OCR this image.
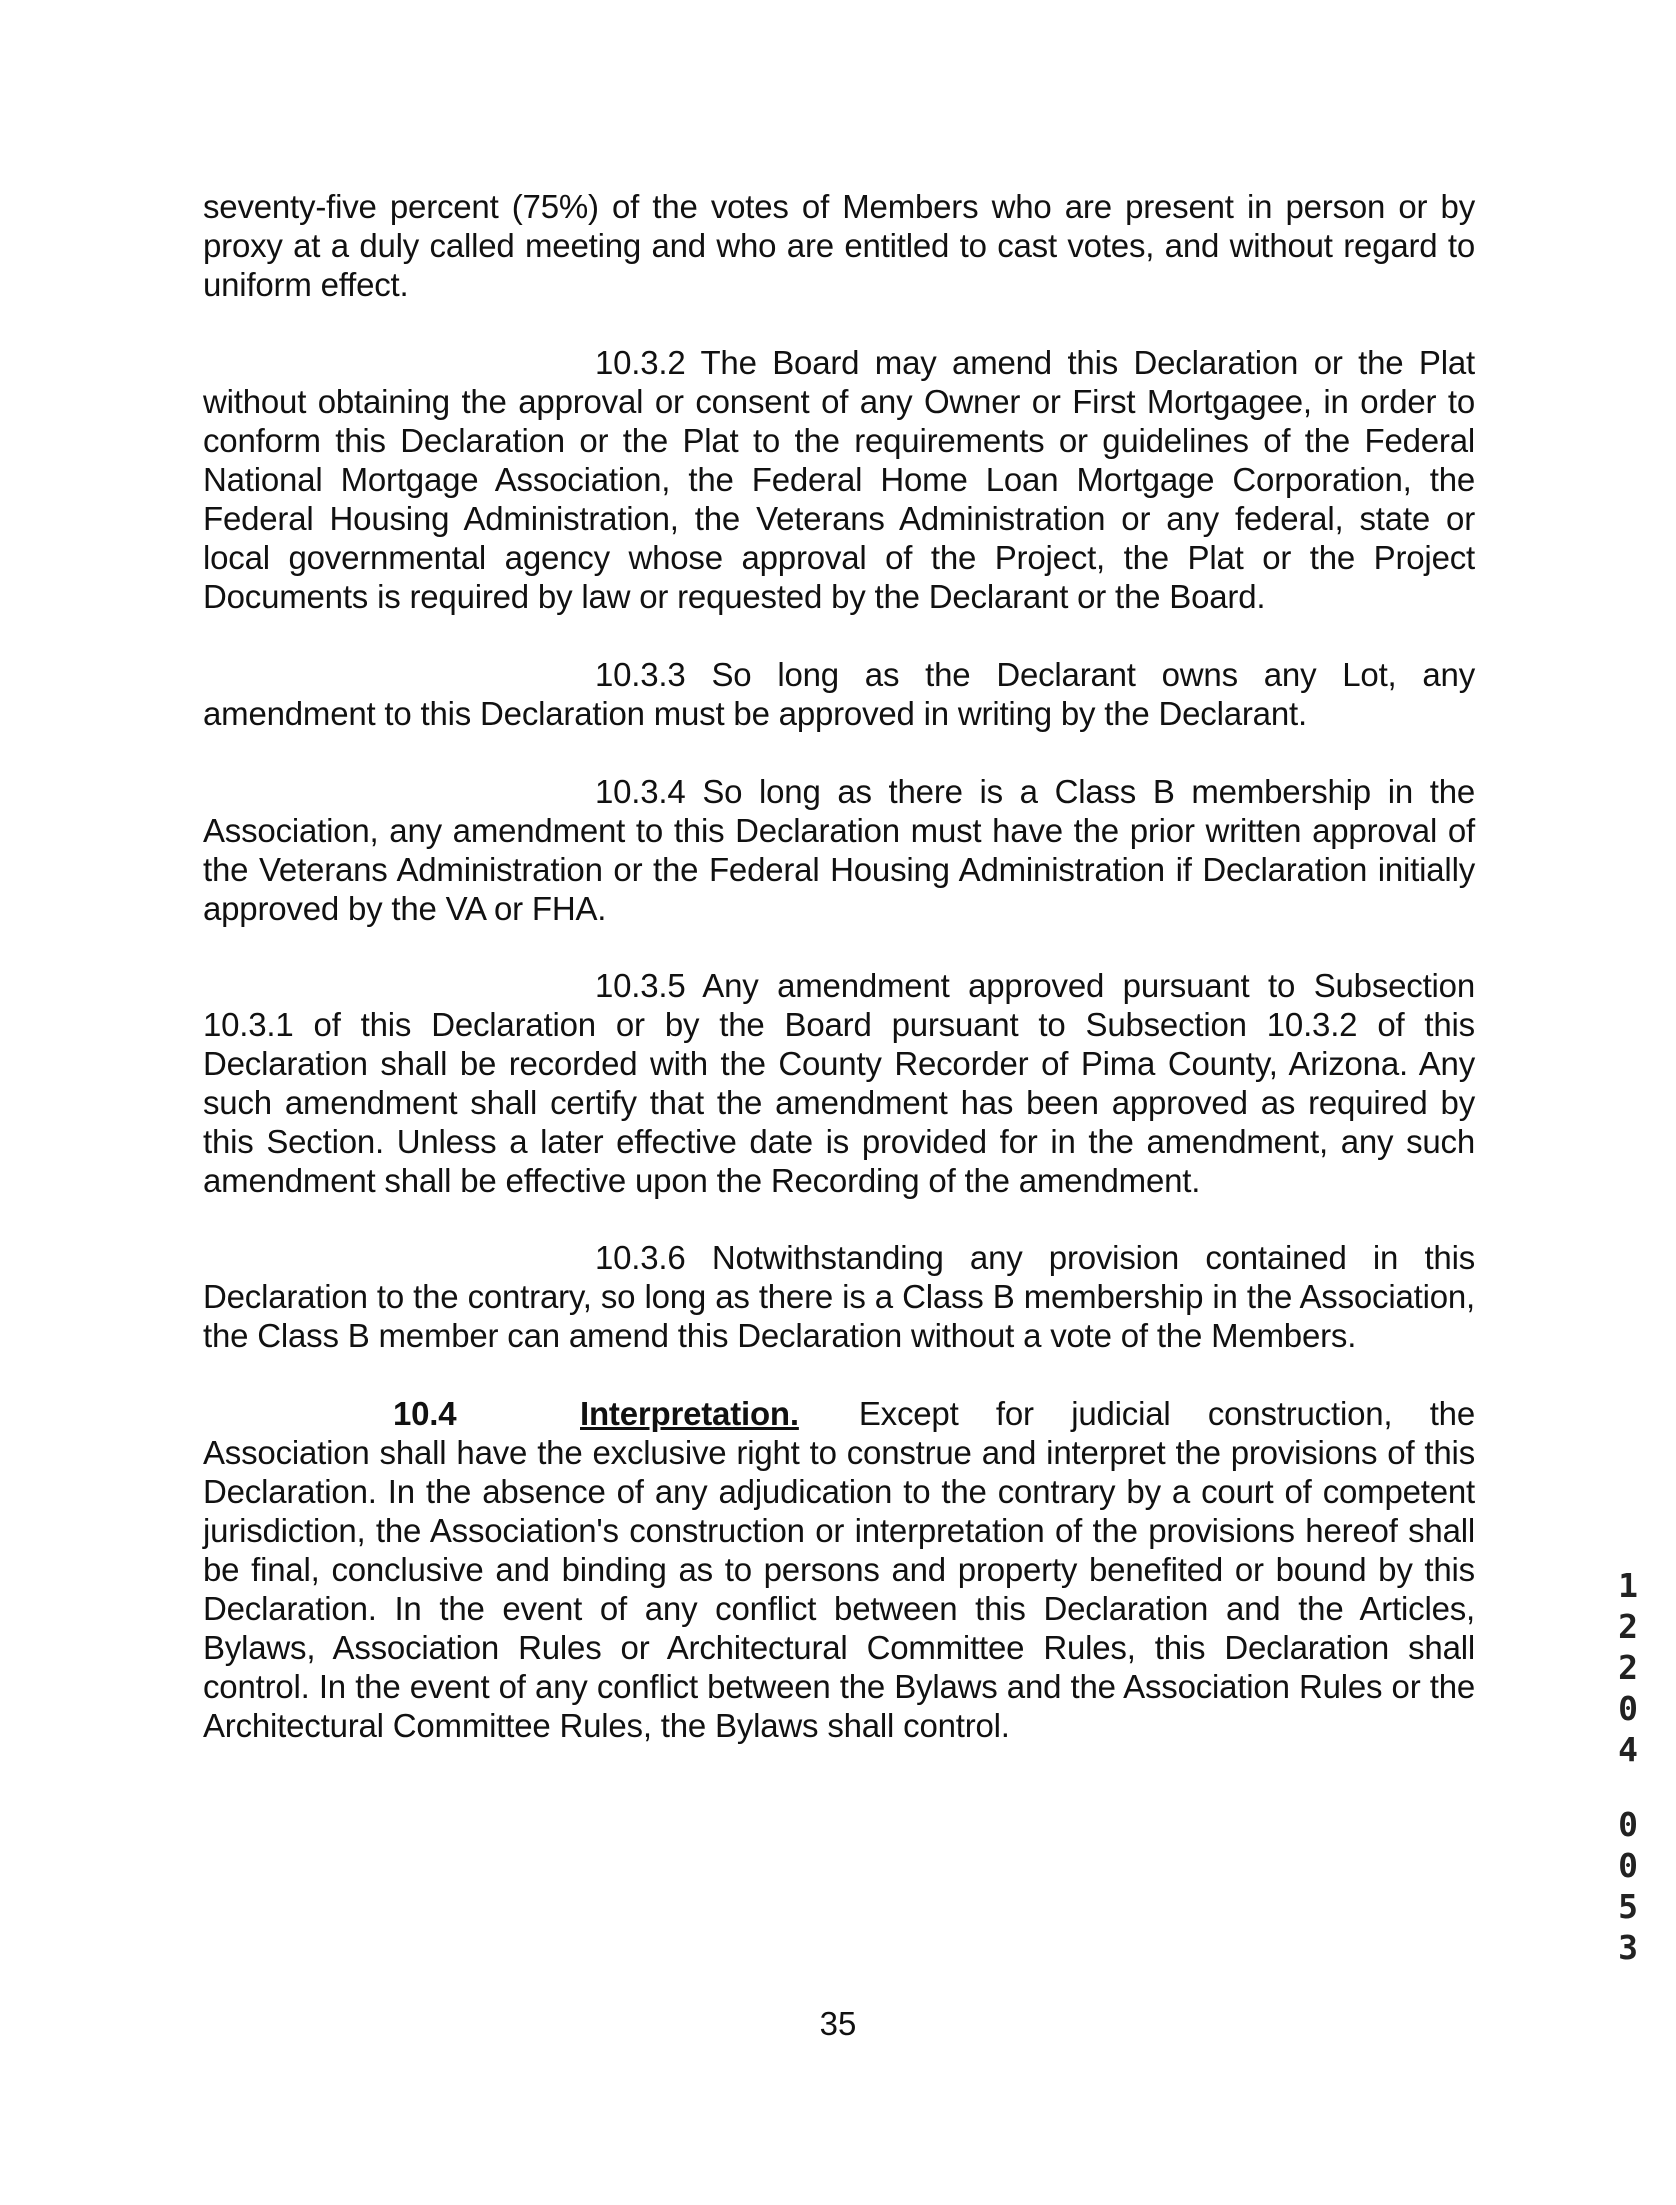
seventy-five percent (75%) of the votes of Members who are present in person or by proxy at a duly called meeting and who are entitled to cast votes, and without regard to uniform effect.

10.3.2 The Board may amend this Declaration or the Plat without obtaining the approval or consent of any Owner or First Mortgagee, in order to conform this Declaration or the Plat to the requirements or guidelines of the Federal National Mortgage Association, the Federal Home Loan Mortgage Corporation, the Federal Housing Administration, the Veterans Administration or any federal, state or local governmental agency whose approval of the Project, the Plat or the Project Documents is required by law or requested by the Declarant or the Board.

10.3.3 So long as the Declarant owns any Lot, any amendment to this Declaration must be approved in writing by the Declarant.

10.3.4 So long as there is a Class B membership in the Association, any amendment to this Declaration must have the prior written approval of the Veterans Administration or the Federal Housing Administration if Declaration initially approved by the VA or FHA.

10.3.5 Any amendment approved pursuant to Subsection 10.3.1 of this Declaration or by the Board pursuant to Subsection 10.3.2 of this Declaration shall be recorded with the County Recorder of Pima County, Arizona. Any such amendment shall certify that the amendment has been approved as required by this Section. Unless a later effective date is provided for in the amendment, any such amendment shall be effective upon the Recording of the amendment.

10.3.6 Notwithstanding any provision contained in this Declaration to the contrary, so long as there is a Class B membership in the Association, the Class B member can amend this Declaration without a vote of the Members.

10.4	Interpretation. Except for judicial construction, the Association shall have the exclusive right to construe and interpret the provisions of this Declaration. In the absence of any adjudication to the contrary by a court of competent jurisdiction, the Association's construction or interpretation of the provisions hereof shall be final, conclusive and binding as to persons and property benefited or bound by this Declaration. In the event of any conflict between this Declaration and the Articles, Bylaws, Association Rules or Architectural Committee Rules, this Declaration shall control. In the event of any conflict between the Bylaws and the Association Rules or the Architectural Committee Rules, the Bylaws shall control.

1
2
2
0
4
0
0
5
3

35
